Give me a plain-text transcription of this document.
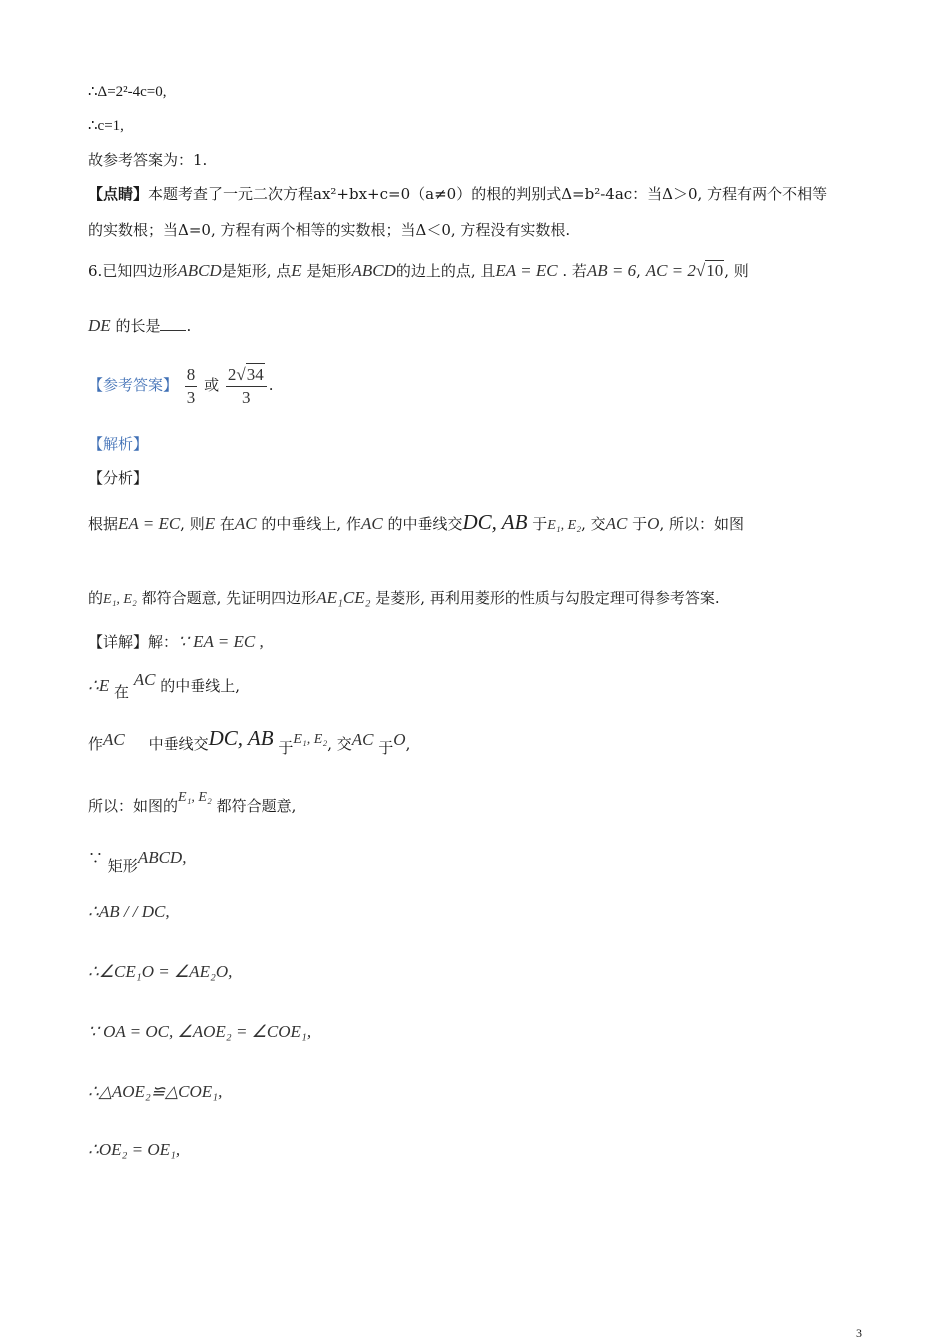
∴Δ=2²-4c=0,
∴c=1,
故参考答案为：1.
【点睛】本题考查了一元二次方程ax²+bx+c=0（a≠0）的根的判别式Δ=b²-4ac：当Δ＞0, 方程有两个不相等
的实数根；当Δ=0, 方程有两个相等的实数根；当Δ＜0, 方程没有实数根.
6.已知四边形ABCD是矩形, 点E 是矩形ABCD的边上的点, 且EA = EC . 若AB = 6, AC = 2√10, 则
DE 的长是 .
【参考答案】 $\frac{8}{3}$ 或 $\frac{2√34}{3}$ .
【解析】
【分析】
根据EA = EC, 则E 在AC 的中垂线上, 作AC 的中垂线交DC, AB 于E₁, E₂, 交AC 于O, 所以：如图
的E₁, E₂ 都符合题意, 先证明四边形AE₁CE₂ 是菱形, 再利用菱形的性质与勾股定理可得参考答案.
【详解】解：∵ EA = EC ,
∴E 在 AC 的中垂线上,
作AC 中垂线交DC, AB 于E₁, E₂, 交AC 于O,
所以：如图的E₁, E₂ 都符合题意,
∵ 矩形ABCD,
∴AB / / DC,
∴∠CE₁O = ∠AE₂O,
∵ OA = OC, ∠AOE₂ = ∠COE₁,
∴△AOE₂≌△COE₁,
∴OE₂ = OE₁,
3
